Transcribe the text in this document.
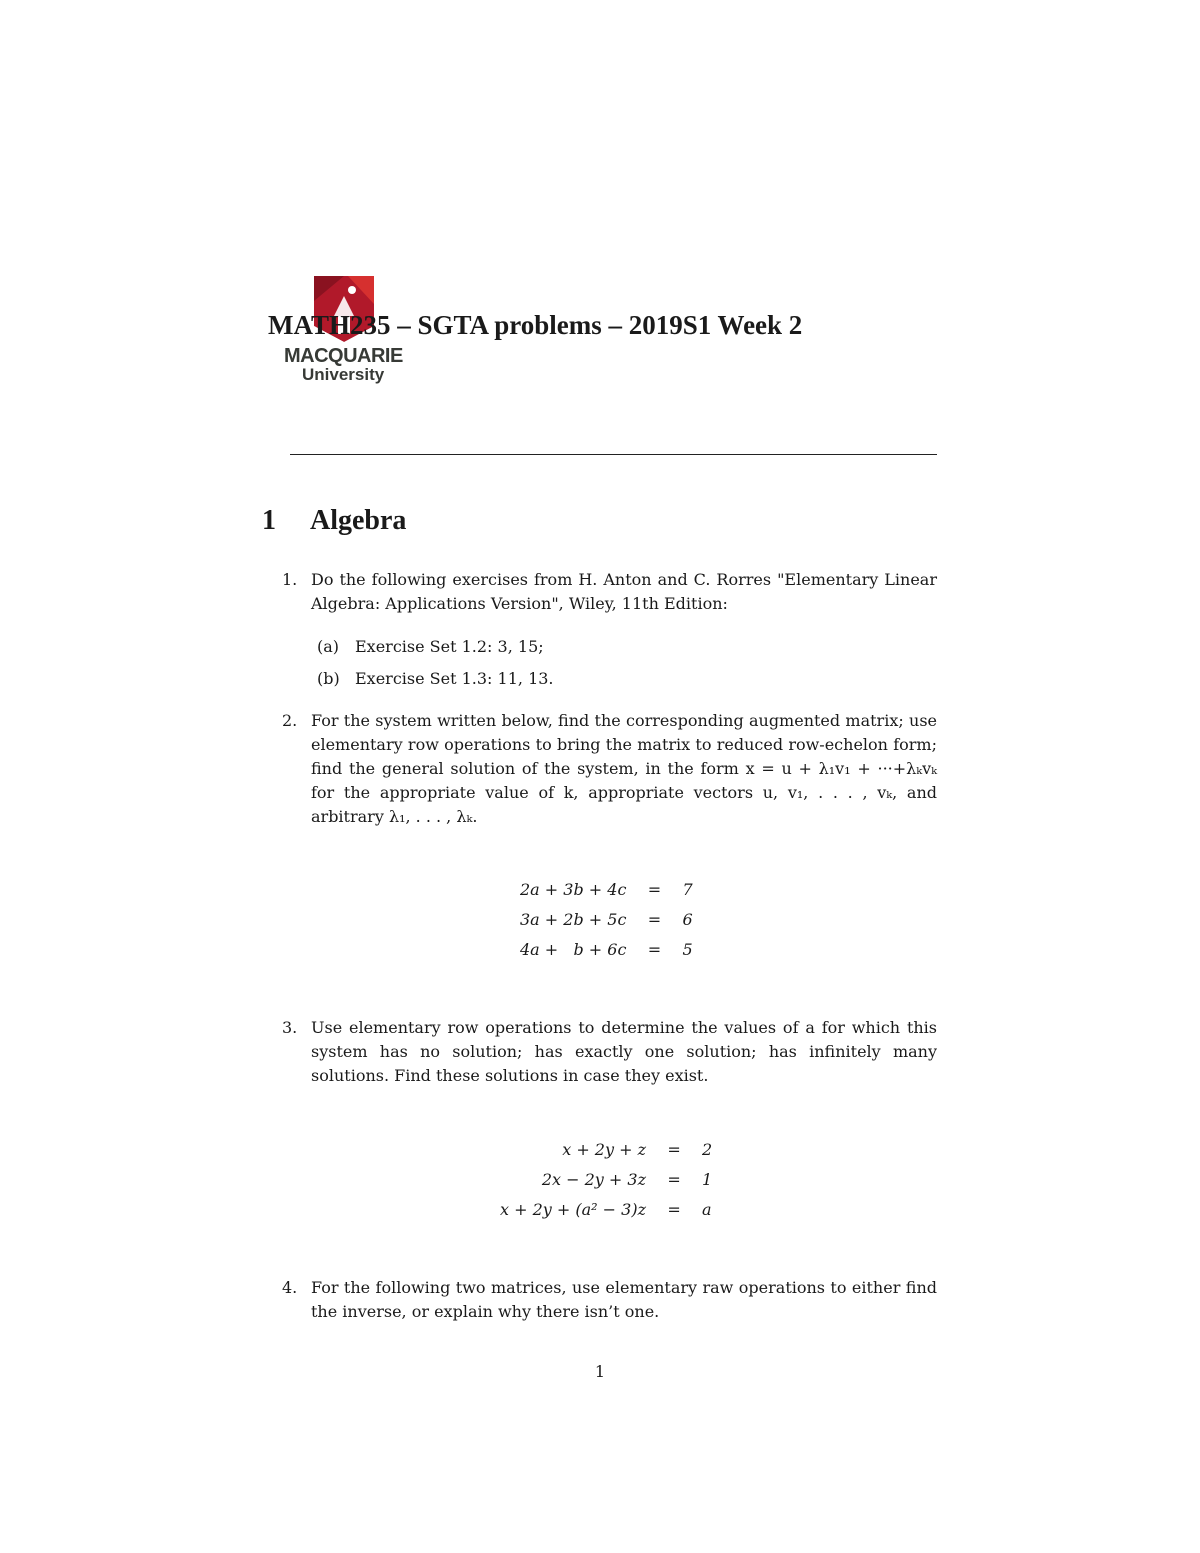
MACQUARIE
University
MATH235 – SGTA problems – 2019S1 Week 2
1 Algebra
1. Do the following exercises from H. Anton and C. Rorres "Elementary Linear Algebra: Applications Version", Wiley, 11th Edition:
(a) Exercise Set 1.2: 3, 15;
(b) Exercise Set 1.3: 11, 13.
2. For the system written below, find the corresponding augmented matrix; use elementary row operations to bring the matrix to reduced row-echelon form; find the general solution of the system, in the form x = u + λ₁v₁ + ···+λₖvₖ for the appropriate value of k, appropriate vectors u, v₁, . . . , vₖ, and arbitrary λ₁, . . . , λₖ.
2a + 3b + 4c	=	7
3a + 2b + 5c	=	6
4a +   b + 6c	=	5
3. Use elementary row operations to determine the values of a for which this system has no solution; has exactly one solution; has infinitely many solutions. Find these solutions in case they exist.
x + 2y + z	=	2
2x − 2y + 3z	=	1
x + 2y + (a² − 3)z	=	a
4. For the following two matrices, use elementary raw operations to either find the inverse, or explain why there isn’t one.
1
